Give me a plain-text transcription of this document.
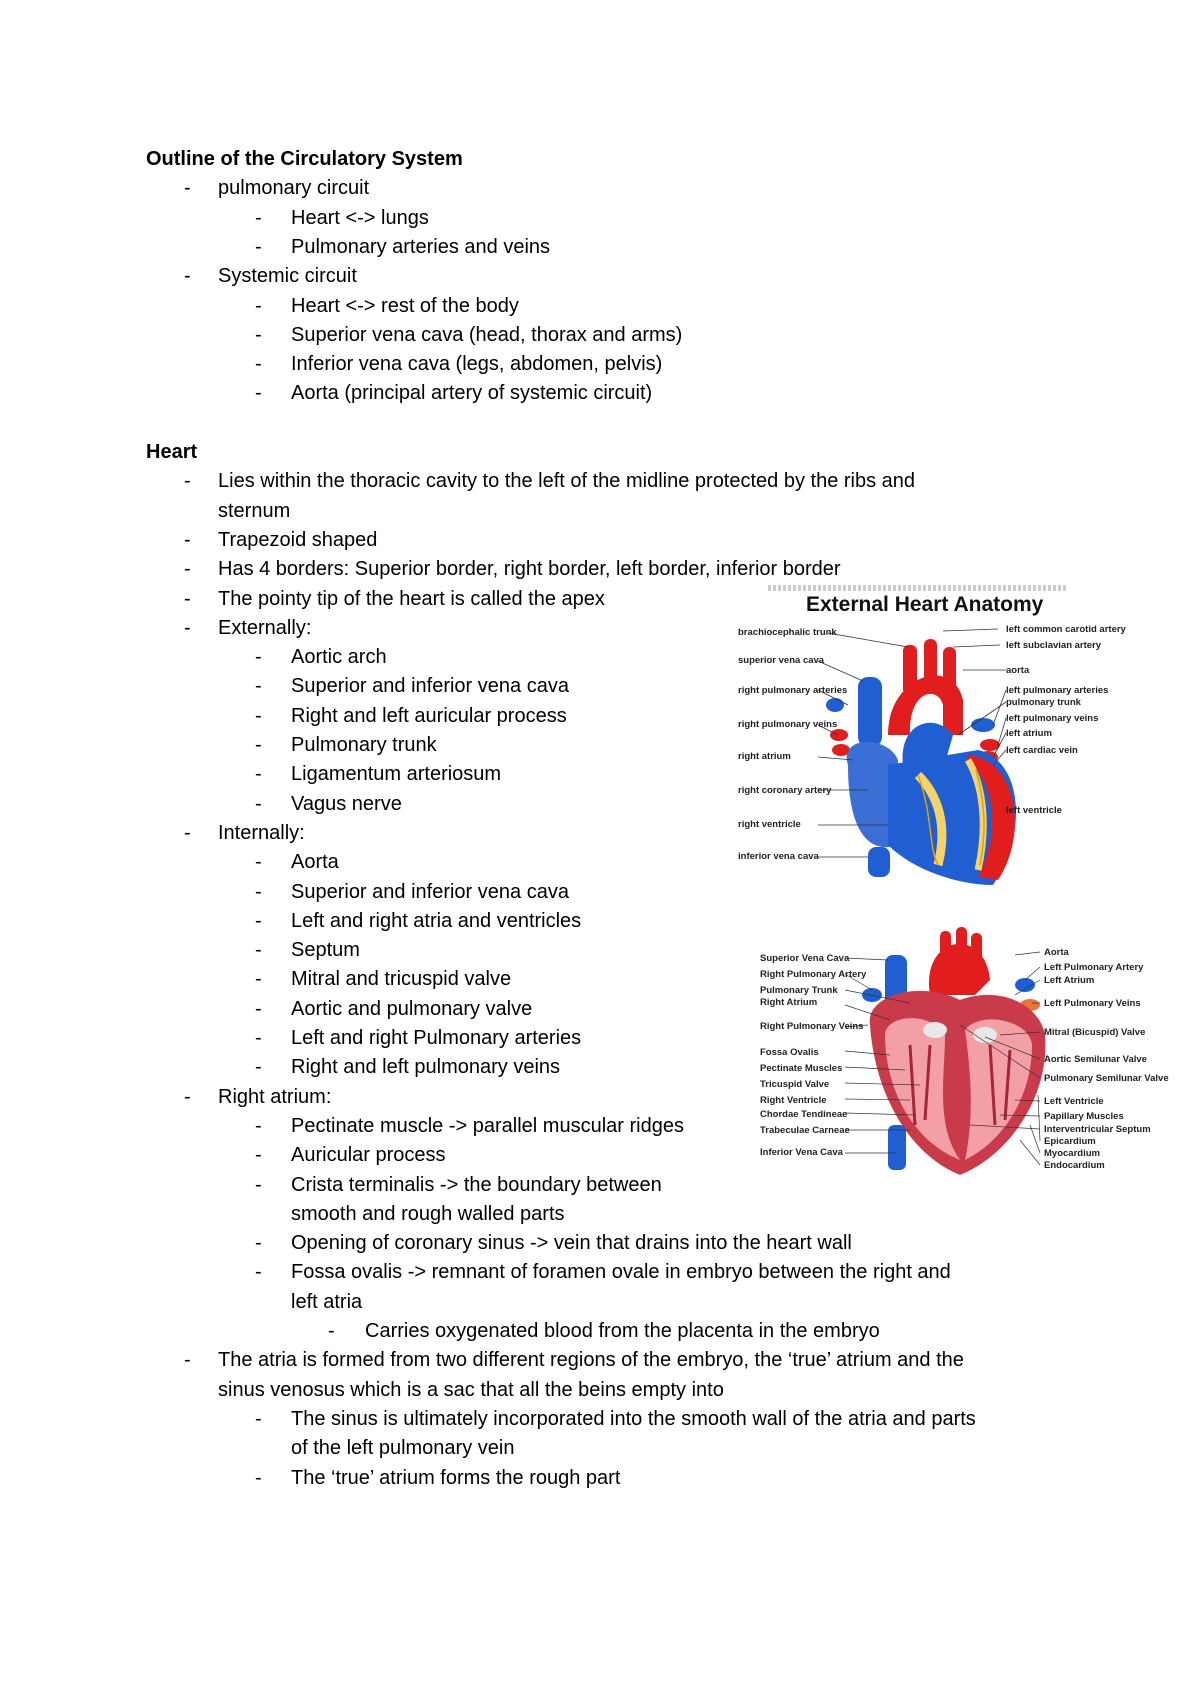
Outline of the Circulatory System
- pulmonary circuit
- Heart <-> lungs
- Pulmonary arteries and veins
- Systemic circuit
- Heart <-> rest of the body
- Superior vena cava (head, thorax and arms)
- Inferior vena cava (legs, abdomen, pelvis)
- Aorta (principal artery of systemic circuit)
Heart
- Lies within the thoracic cavity to the left of the midline protected by the ribs and
sternum
- Trapezoid shaped
- Has 4 borders: Superior border, right border, left border, inferior border
- The pointy tip of the heart is called the apex
- Externally:
- Aortic arch
- Superior and inferior vena cava
- Right and left auricular process
- Pulmonary trunk
- Ligamentum arteriosum
- Vagus nerve
- Internally:
- Aorta
- Superior and inferior vena cava
- Left and right atria and ventricles
- Septum
- Mitral and tricuspid valve
- Aortic and pulmonary valve
- Left and right Pulmonary arteries
- Right and left pulmonary veins
- Right atrium:
- Pectinate muscle -> parallel muscular ridges
- Auricular process
- Crista terminalis -> the boundary between
smooth and rough walled parts
- Opening of coronary sinus -> vein that drains into the heart wall
- Fossa ovalis -> remnant of foramen ovale in embryo between the right and
left atria
- Carries oxygenated blood from the placenta in the embryo
- The atria is formed from two different regions of the embryo, the ‘true’ atrium and the
sinus venosus which is a sac that all the beins empty into
- The sinus is ultimately incorporated into the smooth wall of the atria and parts
of the left pulmonary vein
- The ‘true’ atrium forms the rough part
External Heart Anatomy
brachiocephalic trunk
superior vena cava
right pulmonary arteries
right pulmonary veins
right atrium
right coronary artery
right ventricle
inferior vena cava
left common carotid artery
left subclavian artery
aorta
left pulmonary arteries
pulmonary trunk
left pulmonary veins
left atrium
left cardiac vein
left ventricle
Superior Vena Cava
Right Pulmonary Artery
Pulmonary Trunk
Right Atrium
Right Pulmonary Veins
Fossa Ovalis
Pectinate Muscles
Tricuspid Valve
Right Ventricle
Chordae Tendineae
Trabeculae Carneae
Inferior Vena Cava
Aorta
Left Pulmonary Artery
Left Atrium
Left Pulmonary Veins
Mitral (Bicuspid) Valve
Aortic Semilunar Valve
Pulmonary Semilunar Valve
Left Ventricle
Papillary Muscles
Interventricular Septum
Epicardium
Myocardium
Endocardium
